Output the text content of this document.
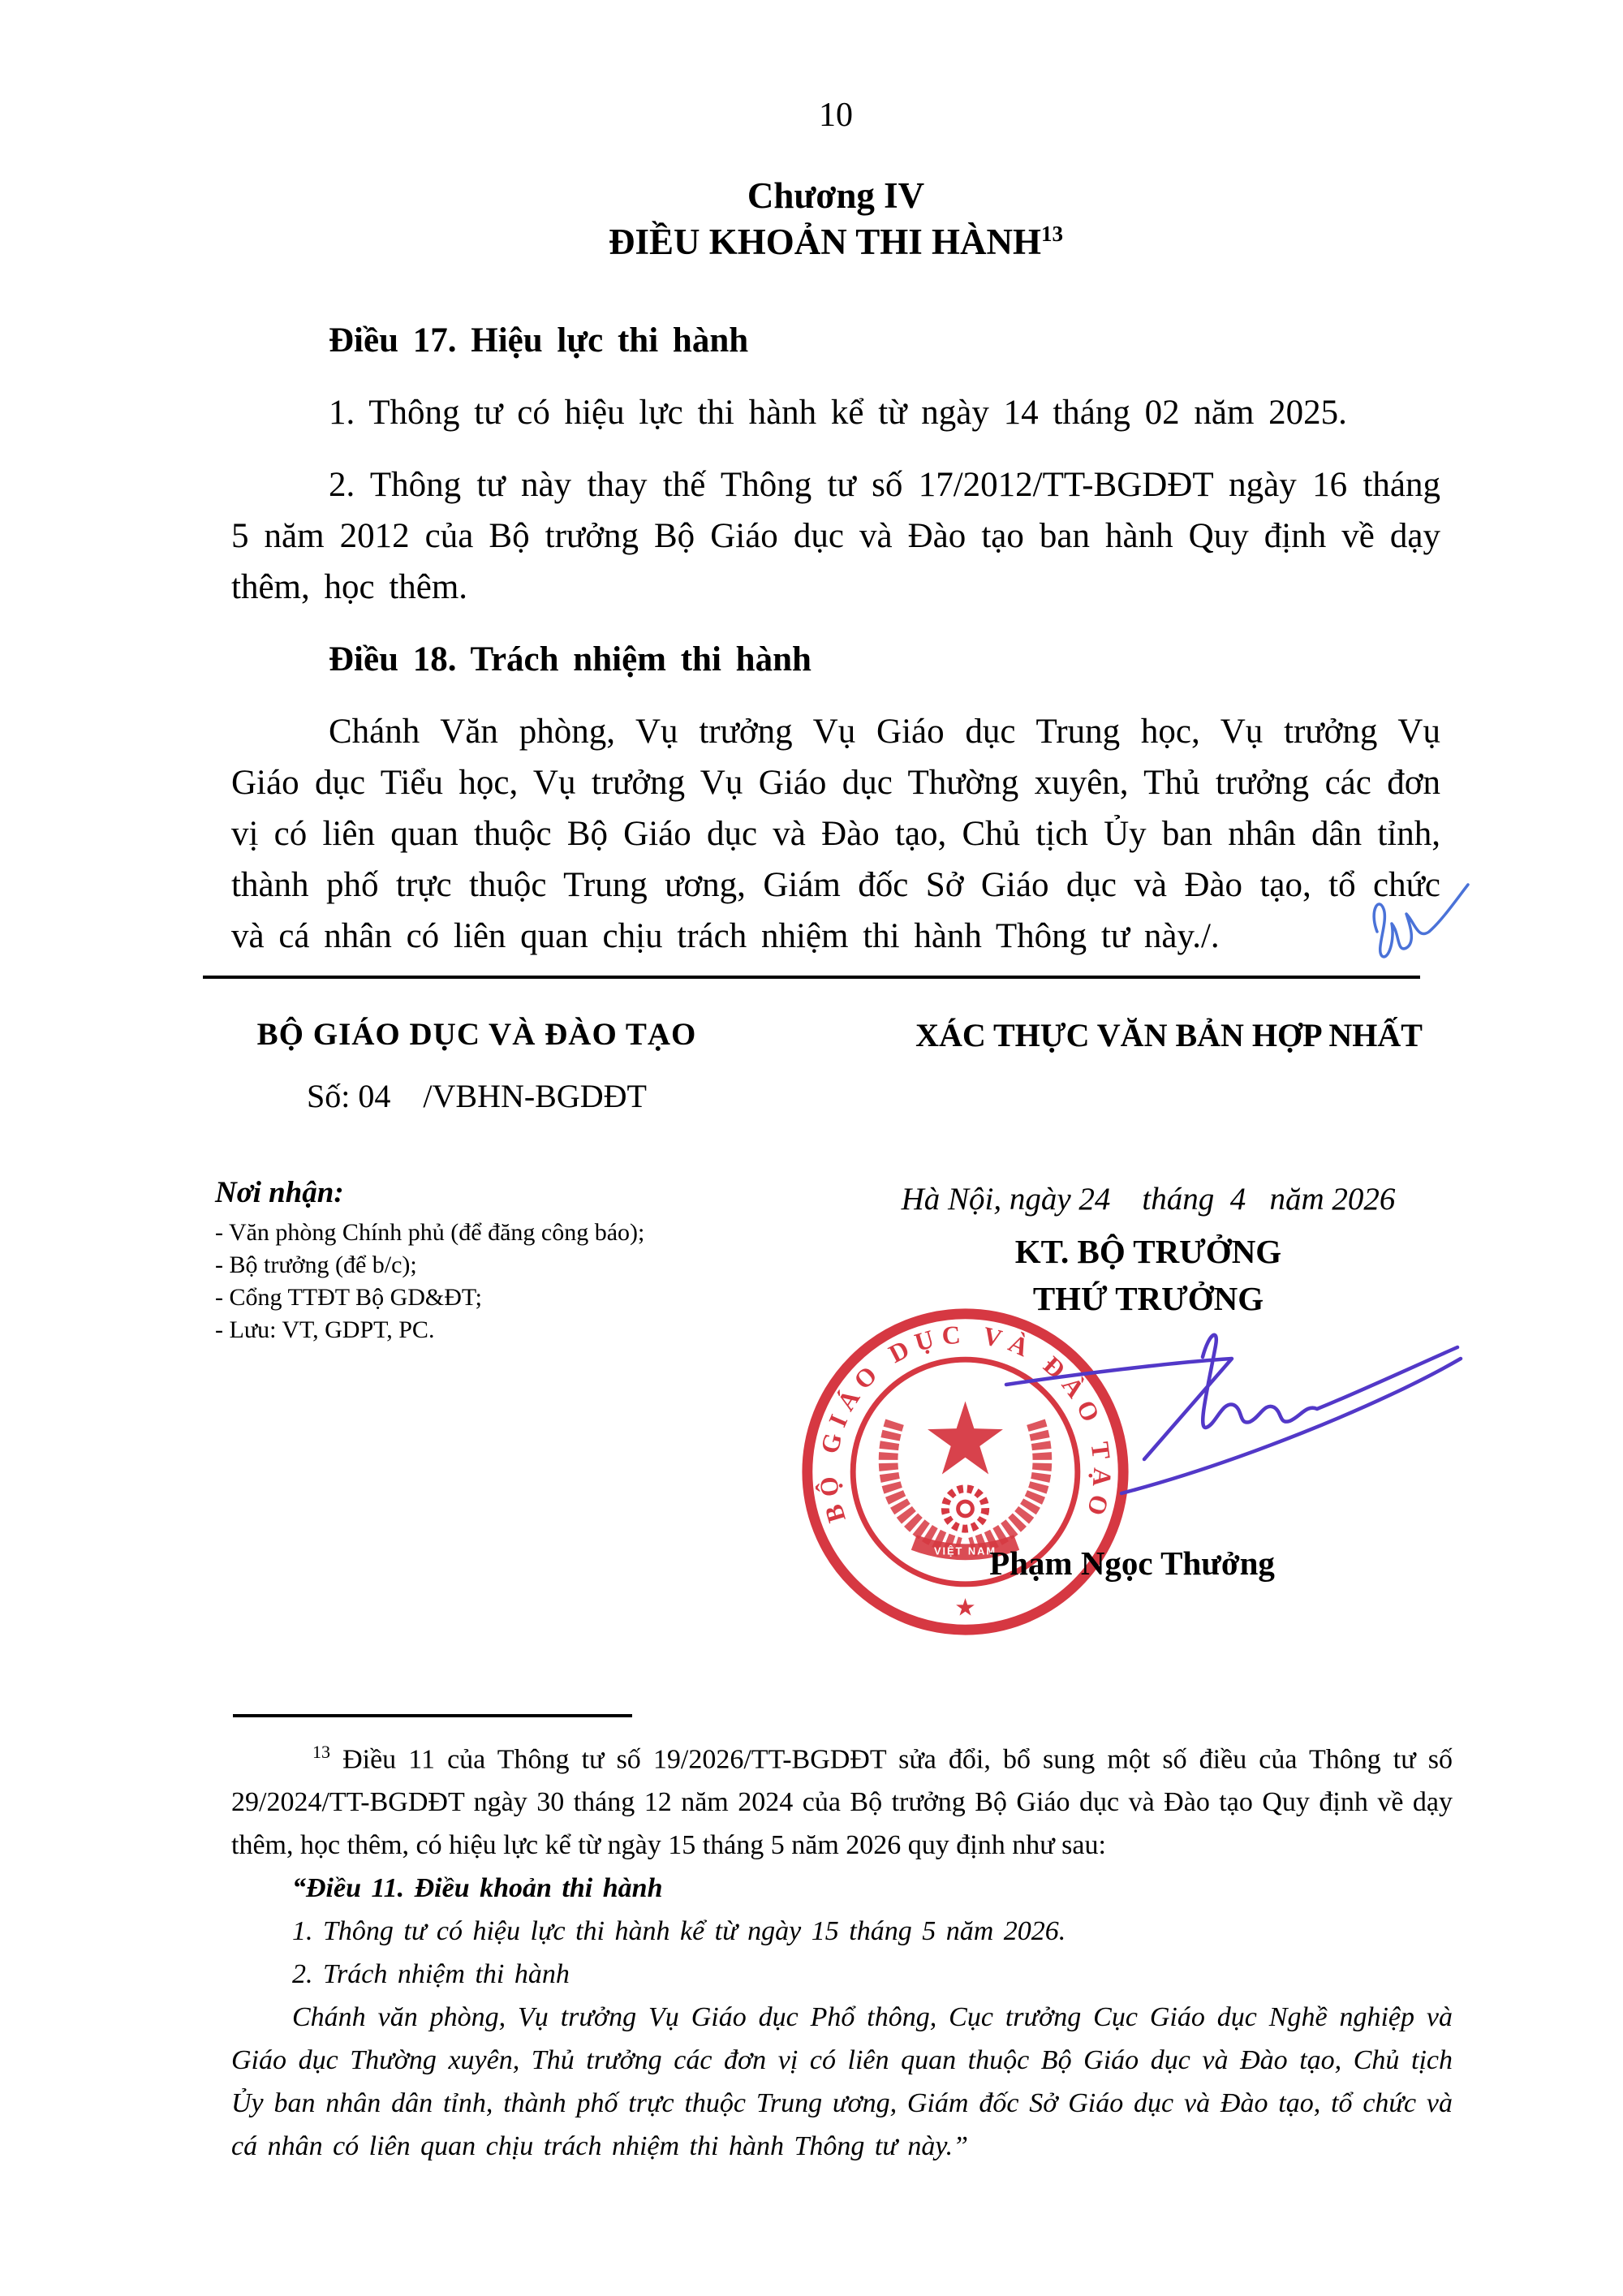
10
Chương IV
ĐIỀU KHOẢN THI HÀNH$^{13}$

Điều 17. Hiệu lực thi hành

1. Thông tư có hiệu lực thi hành kể từ ngày 14 tháng 02 năm 2025.

2. Thông tư này thay thế Thông tư số 17/2012/TT-BGDĐT ngày 16 tháng 5 năm 2012 của Bộ trưởng Bộ Giáo dục và Đào tạo ban hành Quy định về dạy thêm, học thêm.

Điều 18. Trách nhiệm thi hành

Chánh Văn phòng, Vụ trưởng Vụ Giáo dục Trung học, Vụ trưởng Vụ Giáo dục Tiểu học, Vụ trưởng Vụ Giáo dục Thường xuyên, Thủ trưởng các đơn vị có liên quan thuộc Bộ Giáo dục và Đào tạo, Chủ tịch Ủy ban nhân dân tỉnh, thành phố trực thuộc Trung ương, Giám đốc Sở Giáo dục và Đào tạo, tổ chức và cá nhân có liên quan chịu trách nhiệm thi hành Thông tư này./.

BỘ GIÁO DỤC VÀ ĐÀO TẠO
Số: 04    /VBHN-BGDĐT
XÁC THỰC VĂN BẢN HỢP NHẤT
Nơi nhận:
- Văn phòng Chính phủ (để đăng công báo);
- Bộ trưởng (để b/c);
- Cổng TTĐT Bộ GD&ĐT;
- Lưu: VT, GDPT, PC.
Hà Nội, ngày 24    tháng  4   năm 2026
KT. BỘ TRƯỞNG
THỨ TRƯỞNG
BỘ GIÁO DỤC VÀ ĐÀO TẠO
★
VIỆT NAM
Phạm Ngọc Thưởng

$^{13}$ Điều 11 của Thông tư số 19/2026/TT-BGDĐT sửa đổi, bổ sung một số điều của Thông tư số 29/2024/TT-BGDĐT ngày 30 tháng 12 năm 2024 của Bộ trưởng Bộ Giáo dục và Đào tạo Quy định về dạy thêm, học thêm, có hiệu lực kể từ ngày 15 tháng 5 năm 2026 quy định như sau:

“Điều 11. Điều khoản thi hành

1. Thông tư có hiệu lực thi hành kể từ ngày 15 tháng 5 năm 2026.

2. Trách nhiệm thi hành

Chánh văn phòng, Vụ trưởng Vụ Giáo dục Phổ thông, Cục trưởng Cục Giáo dục Nghề nghiệp và Giáo dục Thường xuyên, Thủ trưởng các đơn vị có liên quan thuộc Bộ Giáo dục và Đào tạo, Chủ tịch Ủy ban nhân dân tỉnh, thành phố trực thuộc Trung ương, Giám đốc Sở Giáo dục và Đào tạo, tổ chức và cá nhân có liên quan chịu trách nhiệm thi hành Thông tư này.”
